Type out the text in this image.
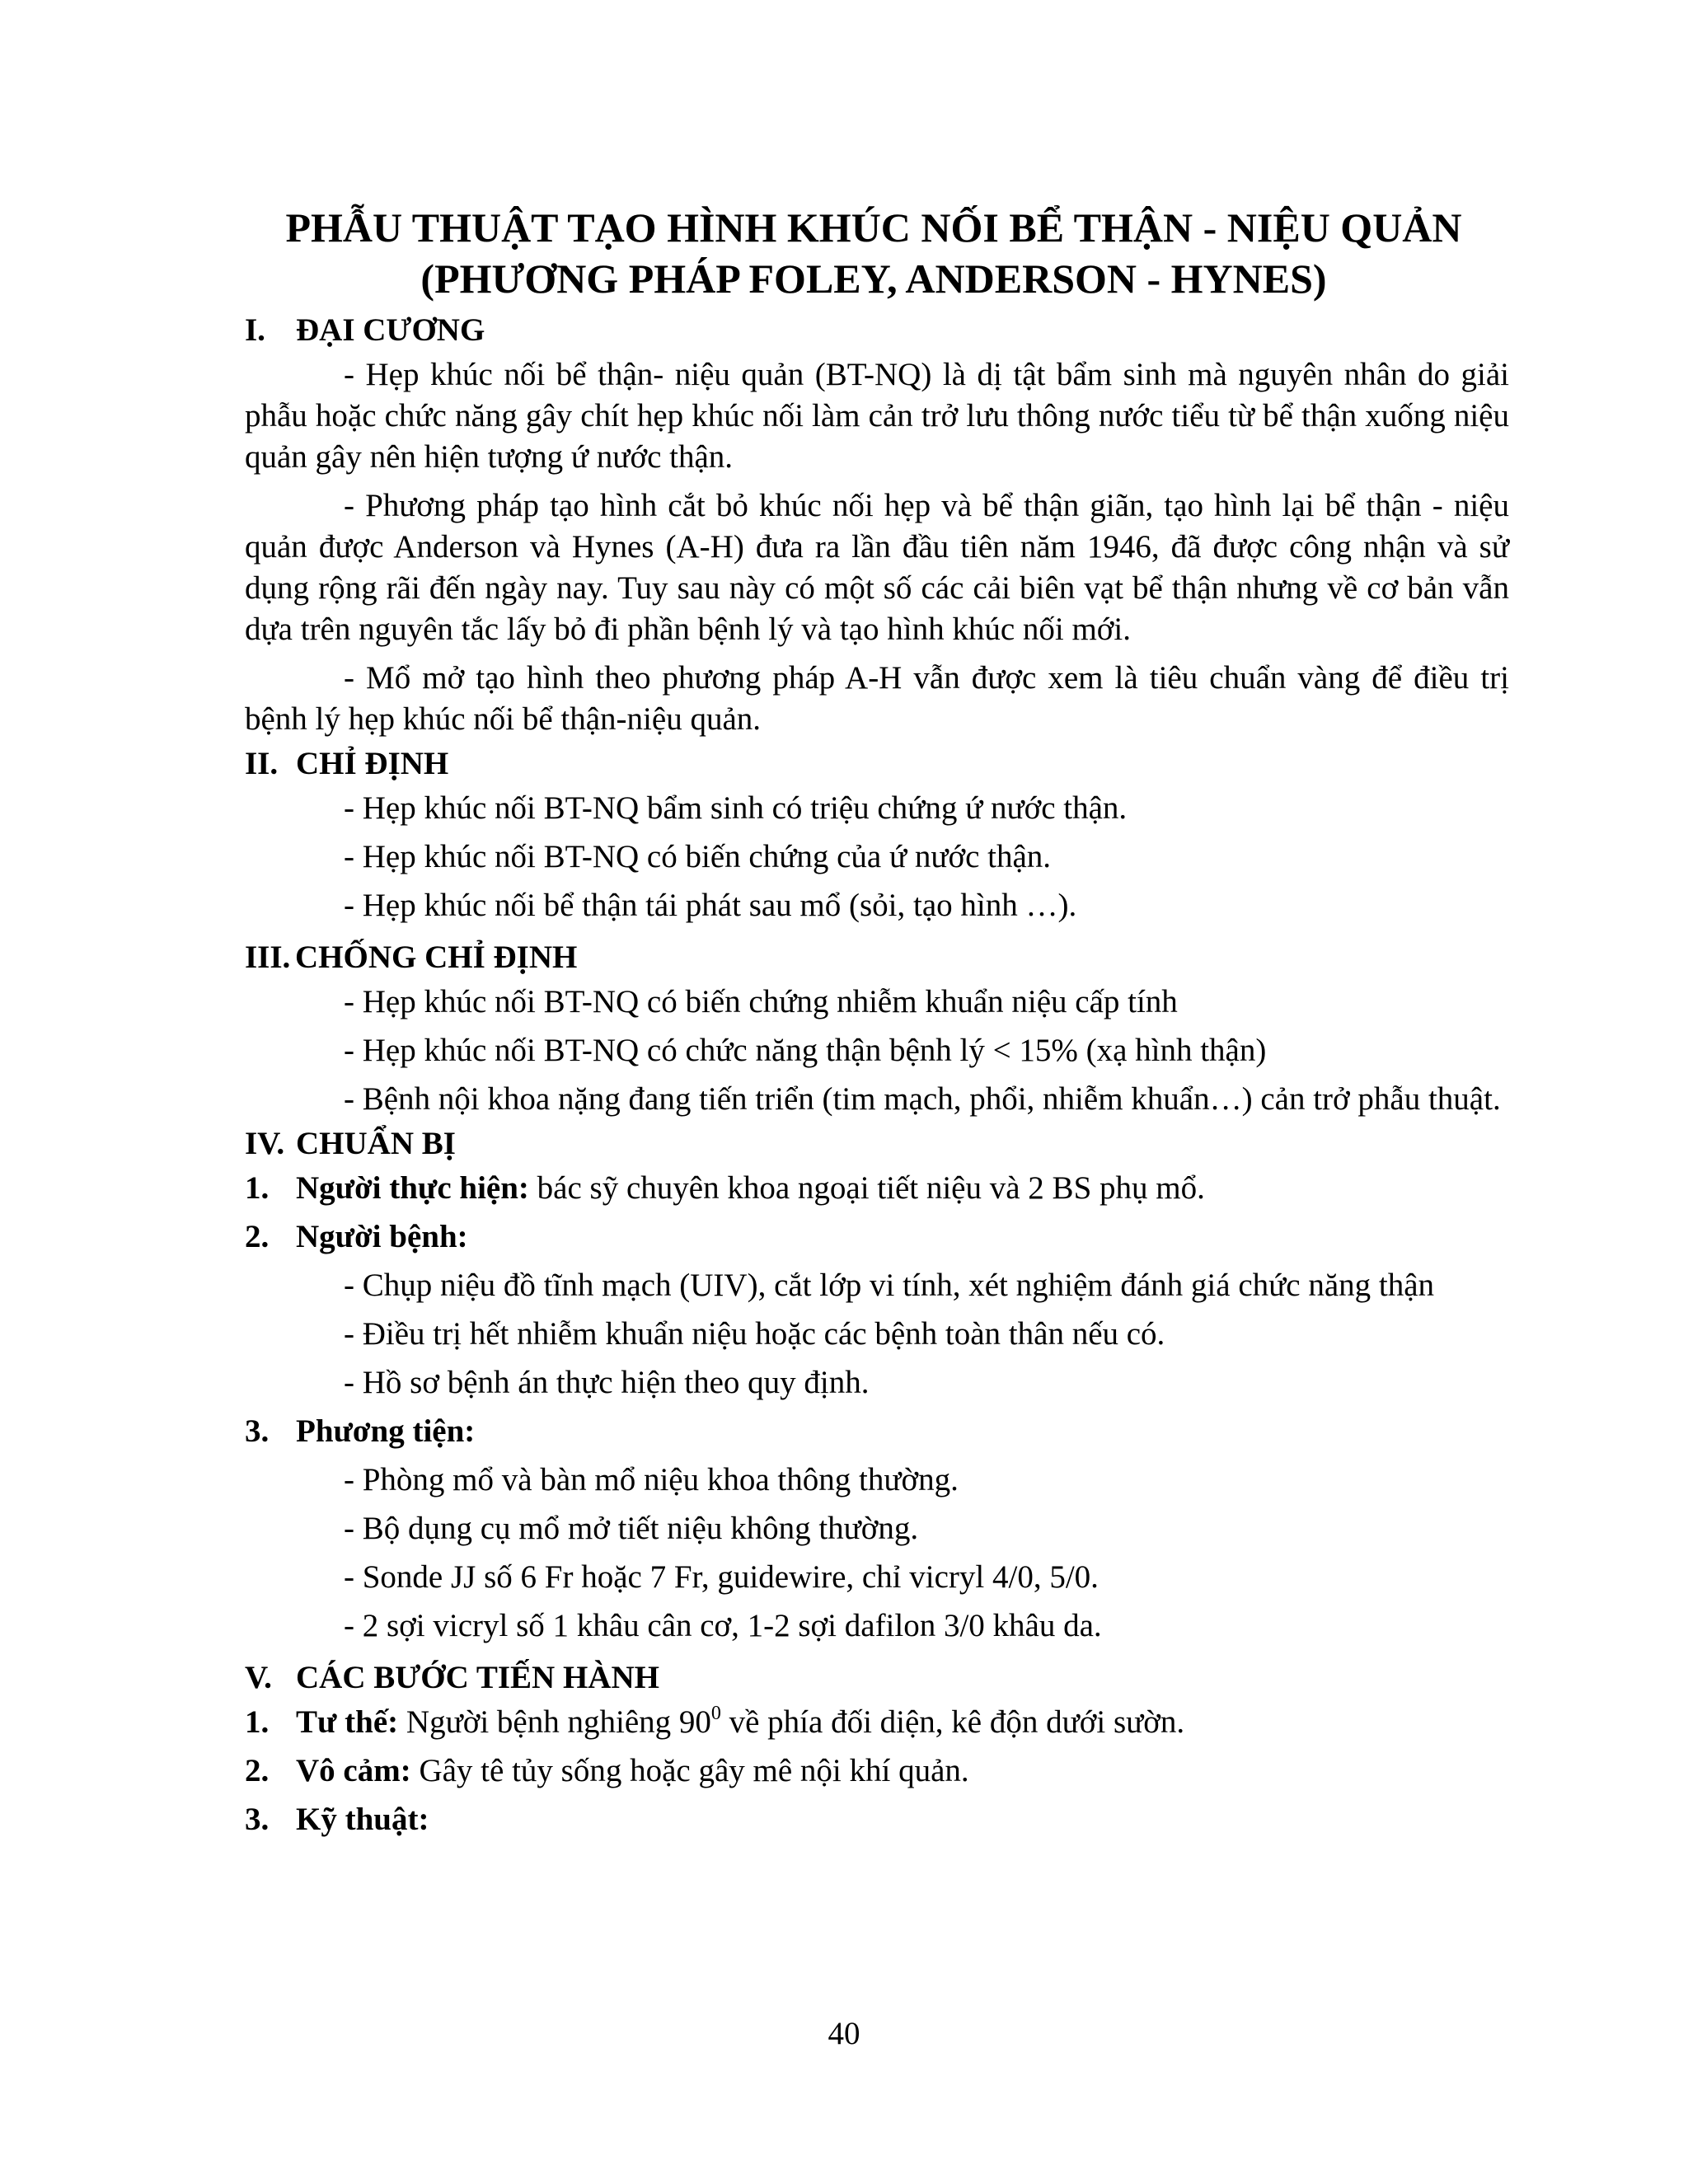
PHẪU THUẬT TẠO HÌNH KHÚC NỐI BỂ THẬN - NIỆU QUẢN
(PHƯƠNG PHÁP FOLEY, ANDERSON - HYNES)
I. ĐẠI CƯƠNG

- Hẹp khúc nối bể thận- niệu quản (BT-NQ) là dị tật bẩm sinh mà nguyên nhân do giải phẫu hoặc chức năng gây chít hẹp khúc nối làm cản trở lưu thông nước tiểu từ bể thận xuống niệu quản gây nên hiện tượng ứ nước thận.

- Phương pháp tạo hình cắt bỏ khúc nối hẹp và bể thận giãn, tạo hình lại bể thận - niệu quản được Anderson và Hynes (A-H) đưa ra lần đầu tiên năm 1946, đã được công nhận và sử dụng rộng rãi đến ngày nay. Tuy sau này có một số các cải biên vạt bể thận nhưng về cơ bản vẫn dựa trên nguyên tắc lấy bỏ đi phần bệnh lý và tạo hình khúc nối mới.

- Mổ mở tạo hình theo phương pháp A-H vẫn được xem là tiêu chuẩn vàng để điều trị bệnh lý hẹp khúc nối bể thận-niệu quản.

II. CHỈ ĐỊNH

- Hẹp khúc nối BT-NQ bẩm sinh có triệu chứng ứ nước thận.

- Hẹp khúc nối BT-NQ có biến chứng của ứ nước thận.

- Hẹp khúc nối bể thận tái phát sau mổ (sỏi, tạo hình …).

III. CHỐNG CHỈ ĐỊNH

- Hẹp khúc nối BT-NQ có biến chứng nhiễm khuẩn niệu cấp tính

- Hẹp khúc nối BT-NQ có chức năng thận bệnh lý < 15% (xạ hình thận)

- Bệnh nội khoa nặng đang tiến triển (tim mạch, phổi, nhiễm khuẩn…) cản trở phẫu thuật.

IV. CHUẨN BỊ

1. Người thực hiện: bác sỹ chuyên khoa ngoại tiết niệu và 2 BS phụ mổ.

2. Người bệnh:

- Chụp niệu đồ tĩnh mạch (UIV), cắt lớp vi tính, xét nghiệm đánh giá chức năng thận

- Điều trị hết nhiễm khuẩn niệu hoặc các bệnh toàn thân nếu có.

- Hồ sơ bệnh án thực hiện theo quy định.

3. Phương tiện:

- Phòng mổ và bàn mổ niệu khoa thông thường.

- Bộ dụng cụ mổ mở tiết niệu không thường.

- Sonde JJ số 6 Fr hoặc 7 Fr, guidewire, chỉ vicryl 4/0, 5/0.

- 2 sợi vicryl số 1 khâu cân cơ, 1-2 sợi dafilon 3/0 khâu da.

V. CÁC BƯỚC TIẾN HÀNH

1. Tư thế: Người bệnh nghiêng $90^0$ về phía đối diện, kê độn dưới sườn.

2. Vô cảm: Gây tê tủy sống hoặc gây mê nội khí quản.

3. Kỹ thuật:

40
